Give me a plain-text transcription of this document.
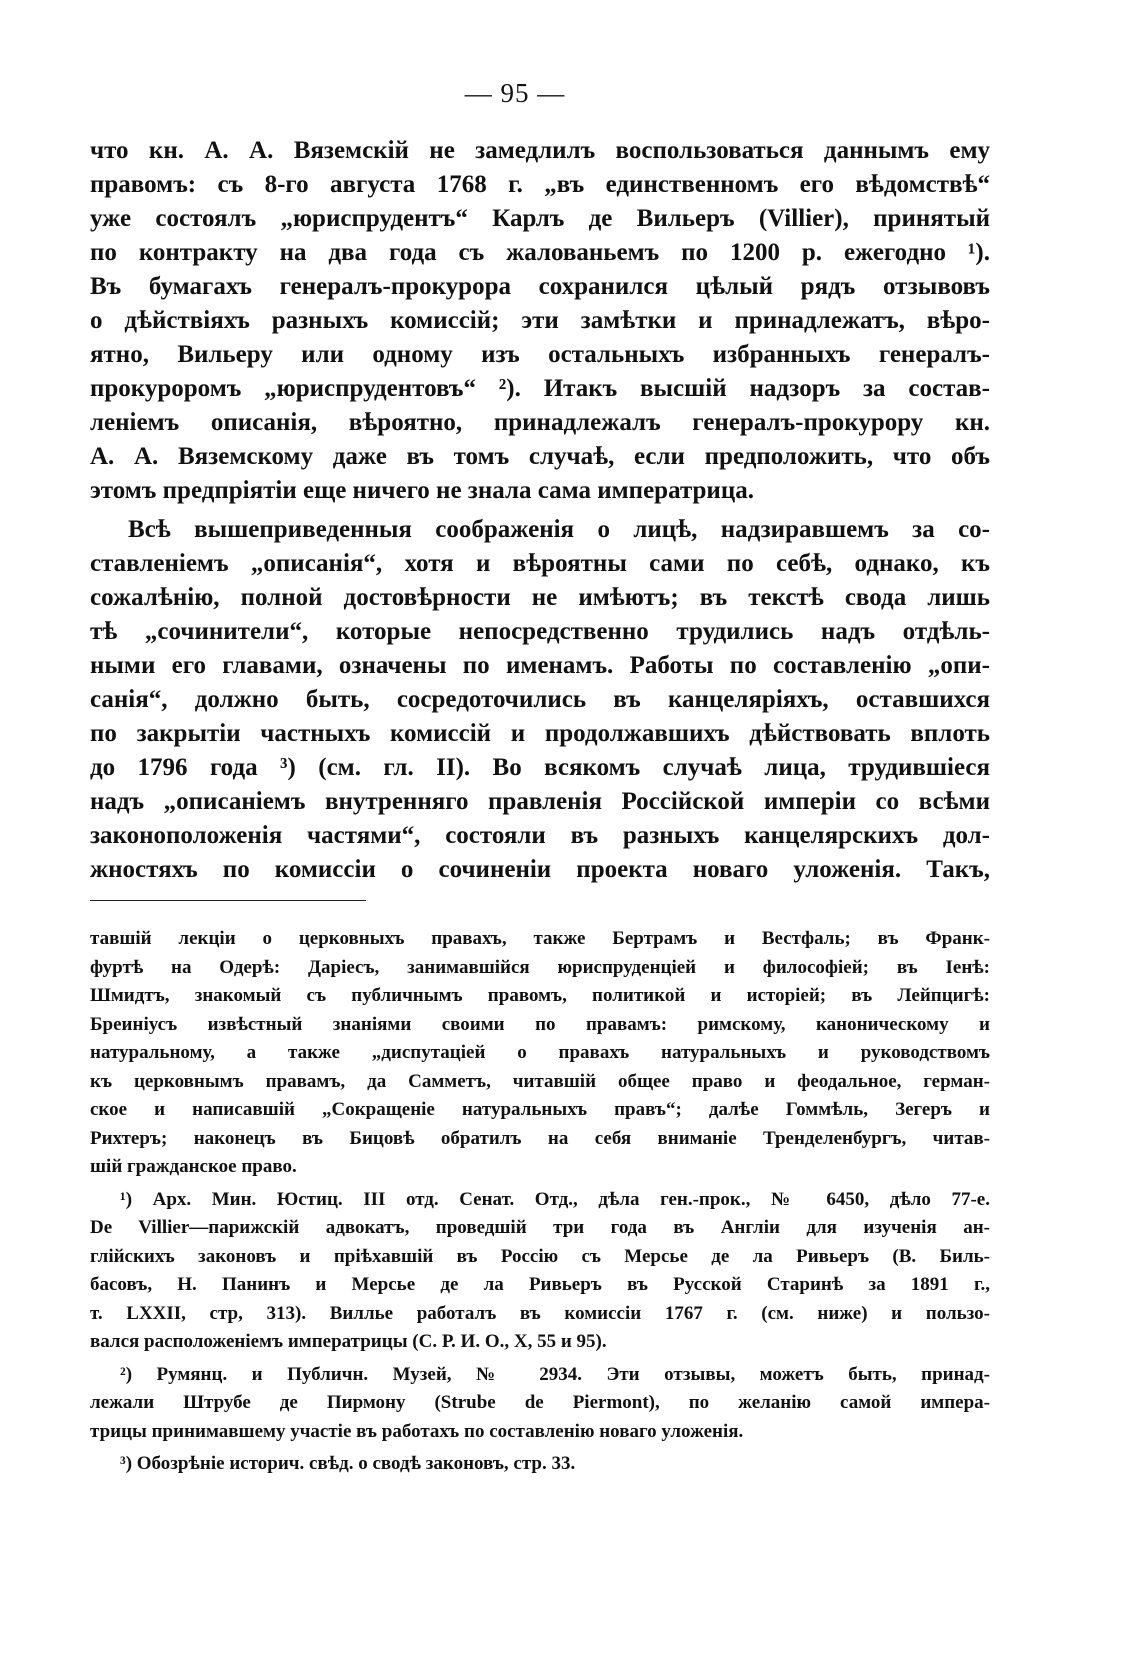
— 95 —
что кн. А. А. Вяземскій не замедлилъ воспользоваться даннымъ ему
правомъ: съ 8-го августа 1768 г. „въ единственномъ его вѣдомствѣ“
уже состоялъ „юриспрудентъ“ Карлъ де Вильеръ (Villier), принятый
по контракту на два года съ жалованьемъ по 1200 р. ежегодно ¹).
Въ бумагахъ генералъ-прокурора сохранился цѣлый рядъ отзывовъ
о дѣйствіяхъ разныхъ комиссій; эти замѣтки и принадлежатъ, вѣро-
ятно, Вильеру или одному изъ остальныхъ избранныхъ генералъ-
прокуроромъ „юриспрудентовъ“ ²). Итакъ высшій надзоръ за состав-
леніемъ описанія, вѣроятно, принадлежалъ генералъ-прокурору кн.
А. А. Вяземскому даже въ томъ случаѣ, если предположить, что объ
этомъ предпріятіи еще ничего не знала сама императрица.
Всѣ вышеприведенныя соображенія о лицѣ, надзиравшемъ за со-
ставленіемъ „описанія“, хотя и вѣроятны сами по себѣ, однако, къ
сожалѣнію, полной достовѣрности не имѣютъ; въ текстѣ свода лишь
тѣ „сочинители“, которые непосредственно трудились надъ отдѣль-
ными его главами, означены по именамъ. Работы по составленію „опи-
санія“, должно быть, сосредоточились въ канцеляріяхъ, оставшихся
по закрытіи частныхъ комиссій и продолжавшихъ дѣйствовать вплоть
до 1796 года ³) (см. гл. II). Во всякомъ случаѣ лица, трудившіеся
надъ „описаніемъ внутренняго правленія Россійской имперіи со всѣми
законоположенія частями“, состояли въ разныхъ канцелярскихъ дол-
жностяхъ по комиссіи о сочиненіи проекта новаго уложенія. Такъ,
тавшій лекціи о церковныхъ правахъ, также Бертрамъ и Вестфаль; въ Франк-
фуртѣ на Одерѣ: Даріесъ, занимавшійся юриспруденціей и философіей; въ Іенѣ:
Шмидтъ, знакомый съ публичнымъ правомъ, политикой и исторіей; въ Лейпцигѣ:
Бреиніусъ извѣстный знаніями своими по правамъ: римскому, каноническому и
натуральному, а также „диспутаціей о правахъ натуральныхъ и руководствомъ
къ церковнымъ правамъ, да Самметъ, читавшій общее право и феодальное, герман-
ское и написавшій „Сокращеніе натуральныхъ правъ“; далѣе Гоммѣль, Зегеръ и
Рихтеръ; наконецъ въ Бицовѣ обратилъ на себя вниманіе Тренделенбургъ, читав-
шій гражданское право.
¹) Арх. Мин. Юстиц. III отд. Сенат. Отд., дѣла ген.-прок., № 6450, дѣло 77-е.
De Villier—парижскій адвокатъ, проведшій три года въ Англіи для изученія ан-
глійскихъ законовъ и пріѣхавшій въ Россію съ Мерсье де ла Ривьеръ (В. Биль-
басовъ, Н. Панинъ и Мерсье де ла Ривьеръ въ Русской Старинѣ за 1891 г.,
т. LXXII, стр, 313). Виллье работалъ въ комиссіи 1767 г. (см. ниже) и пользо-
вался расположеніемъ императрицы (С. Р. И. О., X, 55 и 95).
²) Румянц. и Публичн. Музей, № 2934. Эти отзывы, можетъ быть, принад-
лежали Штрубе де Пирмону (Strube de Piermont), по желанію самой импера-
трицы принимавшему участіе въ работахъ по составленію новаго уложенія.
³) Обозрѣніе историч. свѣд. о сводѣ законовъ, стр. 33.
